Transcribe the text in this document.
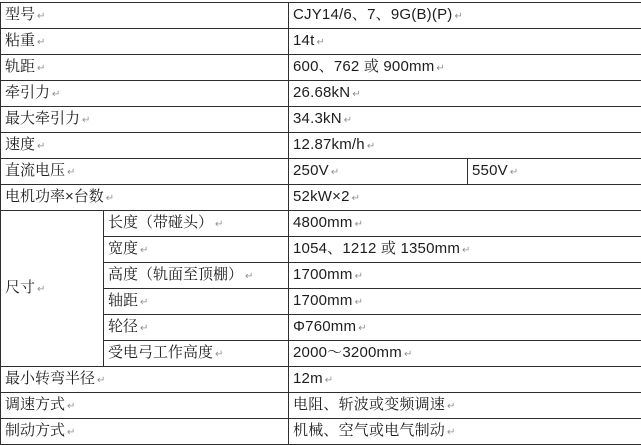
型号 ↵		CJY14/6、7、9G(B)(P) ↵	
粘重 ↵		14t ↵	
轨距 ↵		600、762 或 900mm ↵	
牵引力 ↵		26.68kN ↵	
最大牵引力 ↵		34.3kN ↵	
速度 ↵		12.87km/h ↵	
直流电压 ↵		250V ↵	550V ↵
电机功率×台数 ↵		52kW×2 ↵	
尺寸 ↵	长度（带碰头） ↵	4800mm ↵	
	宽度 ↵	1054、1212 或 1350mm ↵	
	高度（轨面至顶棚） ↵	1700mm ↵	
	轴距 ↵	1700mm ↵	
	轮径 ↵	Φ760mm ↵	
	受电弓工作高度 ↵	2000～3200mm ↵	
最小转弯半径 ↵		12m ↵	
调速方式 ↵		电阻、斩波或变频调速 ↵	
制动方式 ↵		机械、空气或电气制动 ↵	
